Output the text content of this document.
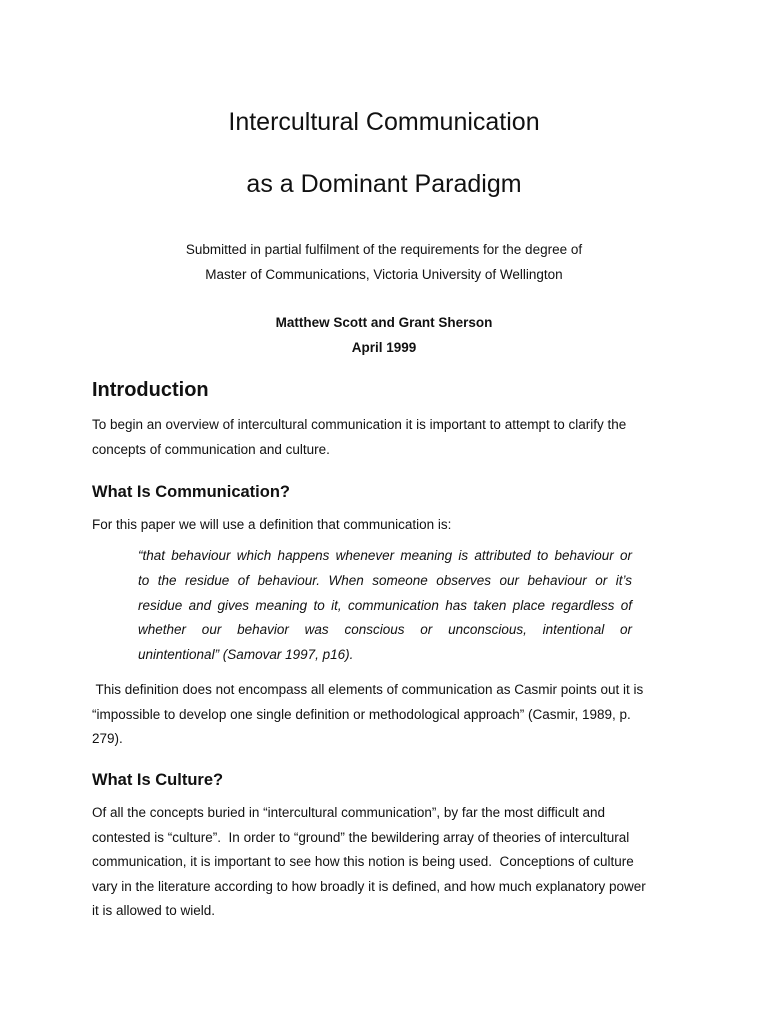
Intercultural Communication
as a Dominant Paradigm
Submitted in partial fulfilment of the requirements for the degree of
Master of Communications, Victoria University of Wellington
Matthew Scott and Grant Sherson
April 1999
Introduction

To begin an overview of intercultural communication it is important to attempt to clarify the
concepts of communication and culture.

What Is Communication?

For this paper we will use a definition that communication is:

“that behaviour which happens whenever meaning is attributed to behaviour or
to the residue of behaviour. When someone observes our behaviour or it’s
residue and gives meaning to it, communication has taken place regardless of
whether our behavior was conscious or unconscious, intentional or
unintentional” (Samovar 1997, p16).

This definition does not encompass all elements of communication as Casmir points out it is
“impossible to develop one single definition or methodological approach” (Casmir, 1989, p.
279).

What Is Culture?

Of all the concepts buried in “intercultural communication”, by far the most difficult and
contested is “culture”.  In order to “ground” the bewildering array of theories of intercultural
communication, it is important to see how this notion is being used.  Conceptions of culture
vary in the literature according to how broadly it is defined, and how much explanatory power
it is allowed to wield.
